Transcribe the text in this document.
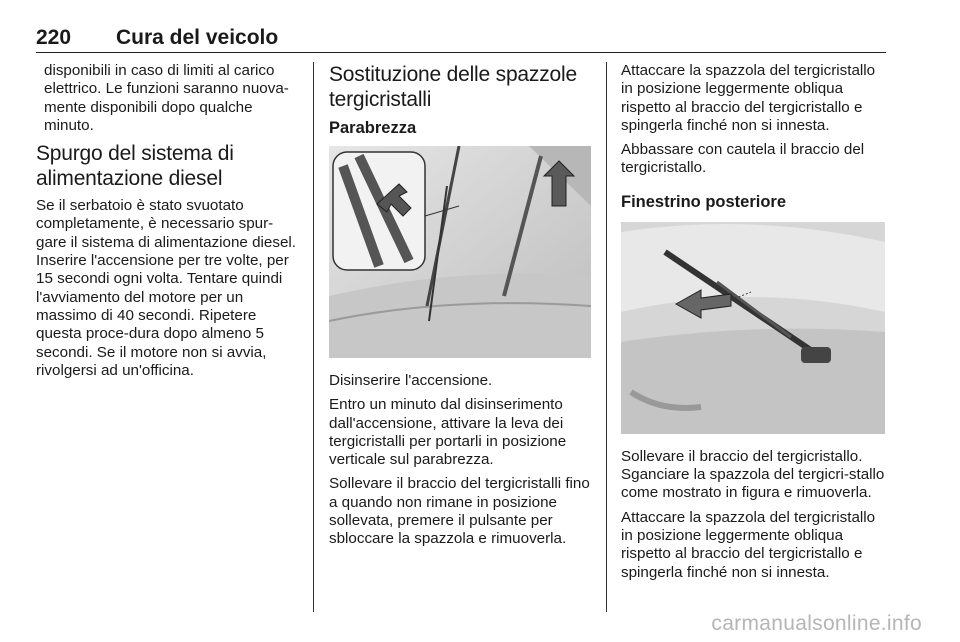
220 Cura del veicolo

disponibili in caso di limiti al carico elettrico. Le funzioni saranno nuova-mente disponibili dopo qualche minuto.

Spurgo del sistema di alimentazione diesel

Se il serbatoio è stato svuotato completamente, è necessario spur-gare il sistema di alimentazione diesel. Inserire l'accensione per tre volte, per 15 secondi ogni volta. Tentare quindi l'avviamento del motore per un massimo di 40 secondi. Ripetere questa proce-dura dopo almeno 5 secondi. Se il motore non si avvia, rivolgersi ad un'officina.

Sostituzione delle spazzole tergicristalli
Parabrezza

Disinserire l'accensione.

Entro un minuto dal disinserimento dall'accensione, attivare la leva dei tergicristalli per portarli in posizione verticale sul parabrezza.

Sollevare il braccio del tergicristalli fino a quando non rimane in posizione sollevata, premere il pulsante per sbloccare la spazzola e rimuoverla.

Attaccare la spazzola del tergicristallo in posizione leggermente obliqua rispetto al braccio del tergicristallo e spingerla finché non si innesta.

Abbassare con cautela il braccio del tergicristallo.

Finestrino posteriore

Sollevare il braccio del tergicristallo. Sganciare la spazzola del tergicri-stallo come mostrato in figura e rimuoverla.

Attaccare la spazzola del tergicristallo in posizione leggermente obliqua rispetto al braccio del tergicristallo e spingerla finché non si innesta.

carmanualsonline.info
